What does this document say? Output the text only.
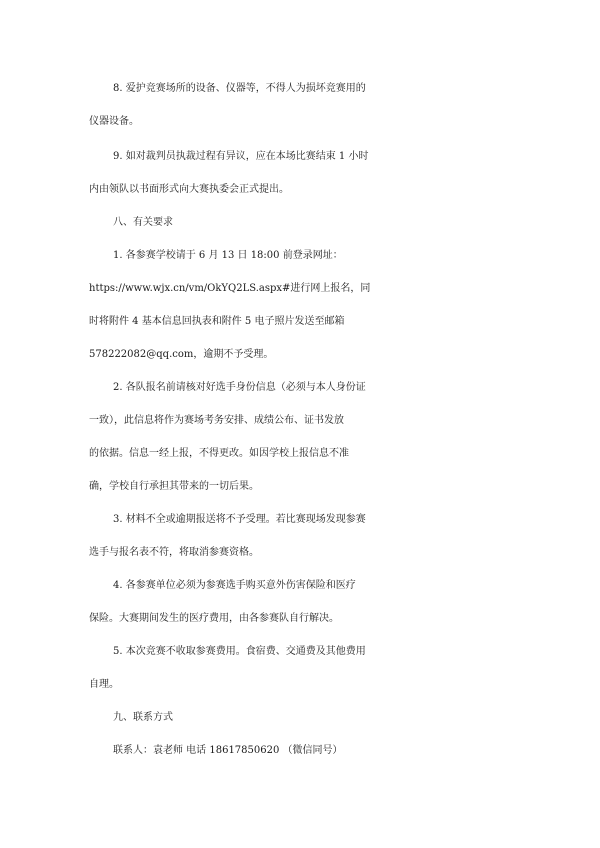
8. 爱护竞赛场所的设备、仪器等，不得人为损坏竞赛用的
仪器设备。
9. 如对裁判员执裁过程有异议，应在本场比赛结束 1 小时
内由领队以书面形式向大赛执委会正式提出。
八、有关要求
1. 各参赛学校请于 6 月 13 日 18:00 前登录网址：
https://www.wjx.cn/vm/OkYQ2LS.aspx#进行网上报名，同
时将附件 4 基本信息回执表和附件 5 电子照片发送至邮箱
578222082@qq.com，逾期不予受理。
2. 各队报名前请核对好选手身份信息（必须与本人身份证
一致），此信息将作为赛场考务安排、成绩公布、证书发放
的依据。信息一经上报，不得更改。如因学校上报信息不准
确，学校自行承担其带来的一切后果。
3. 材料不全或逾期报送将不予受理。若比赛现场发现参赛
选手与报名表不符，将取消参赛资格。
4. 各参赛单位必须为参赛选手购买意外伤害保险和医疗
保险。大赛期间发生的医疗费用，由各参赛队自行解决。
5. 本次竞赛不收取参赛费用。食宿费、交通费及其他费用
自理。
九、联系方式
联系人：袁老师 电话 18617850620 （微信同号）
